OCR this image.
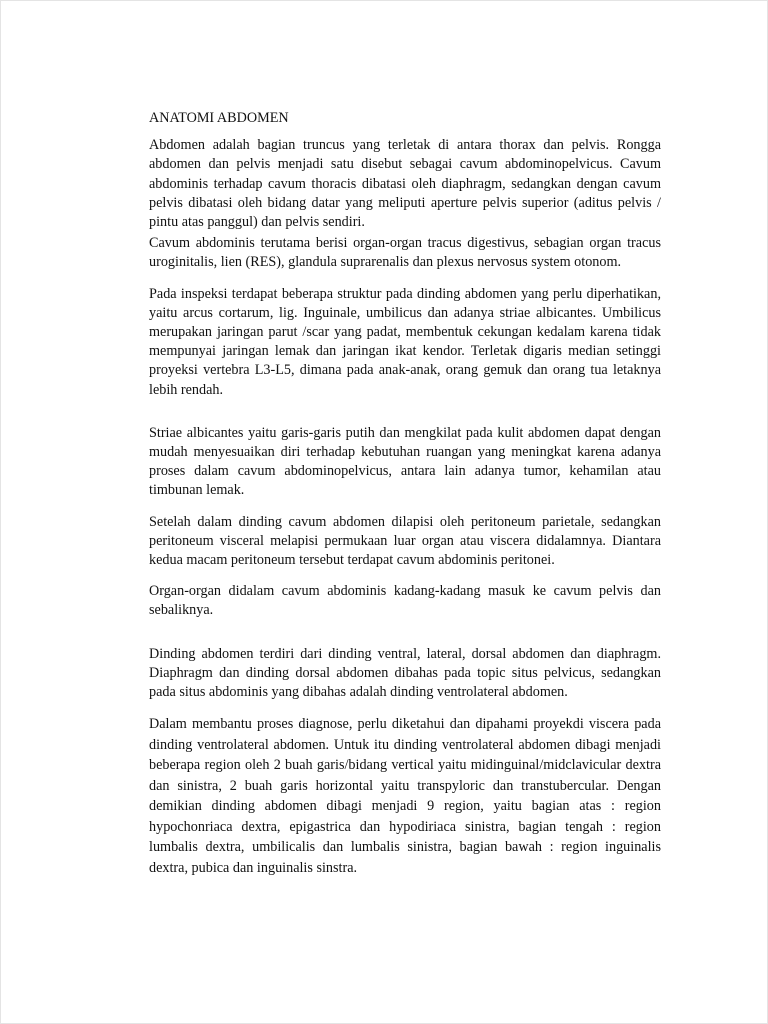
ANATOMI ABDOMEN

Abdomen adalah bagian truncus yang terletak di antara thorax dan pelvis. Rongga abdomen dan pelvis menjadi satu disebut sebagai cavum abdominopelvicus. Cavum abdominis terhadap cavum thoracis dibatasi oleh diaphragm, sedangkan dengan cavum pelvis dibatasi oleh bidang datar yang meliputi aperture pelvis superior (aditus pelvis / pintu atas panggul) dan pelvis sendiri.

Cavum abdominis terutama berisi organ-organ tracus digestivus, sebagian organ tracus uroginitalis, lien (RES), glandula suprarenalis dan plexus nervosus system otonom.

Pada inspeksi terdapat beberapa struktur pada dinding abdomen yang perlu diperhatikan, yaitu arcus cortarum, lig. Inguinale, umbilicus dan adanya striae albicantes. Umbilicus merupakan jaringan parut /scar yang padat, membentuk cekungan kedalam karena tidak mempunyai jaringan lemak dan jaringan ikat kendor. Terletak digaris median setinggi proyeksi vertebra L3-L5, dimana pada anak-anak, orang gemuk dan orang tua letaknya lebih rendah.

Striae albicantes yaitu garis-garis putih dan mengkilat pada kulit abdomen dapat dengan mudah menyesuaikan diri terhadap kebutuhan ruangan yang meningkat karena adanya proses dalam cavum abdominopelvicus, antara lain adanya tumor, kehamilan atau timbunan lemak.

Setelah dalam dinding cavum abdomen dilapisi oleh peritoneum parietale, sedangkan peritoneum visceral melapisi permukaan luar organ atau viscera didalamnya. Diantara kedua macam peritoneum tersebut terdapat cavum abdominis peritonei.

Organ-organ didalam cavum abdominis kadang-kadang masuk ke cavum pelvis dan sebaliknya.

Dinding abdomen terdiri dari dinding ventral, lateral, dorsal abdomen dan diaphragm. Diaphragm dan dinding dorsal abdomen dibahas pada topic situs pelvicus, sedangkan pada situs abdominis yang dibahas adalah dinding ventrolateral abdomen.

Dalam membantu proses diagnose, perlu diketahui dan dipahami proyekdi viscera pada dinding ventrolateral abdomen. Untuk itu dinding ventrolateral abdomen dibagi menjadi beberapa region oleh 2 buah garis/bidang vertical yaitu midinguinal/midclavicular dextra dan sinistra, 2 buah garis horizontal yaitu transpyloric dan transtubercular. Dengan demikian dinding abdomen dibagi menjadi 9 region, yaitu bagian atas : region hypochonriaca dextra, epigastrica dan hypodiriaca sinistra, bagian tengah : region lumbalis dextra, umbilicalis dan lumbalis sinistra, bagian bawah : region inguinalis dextra, pubica dan inguinalis sinstra.
